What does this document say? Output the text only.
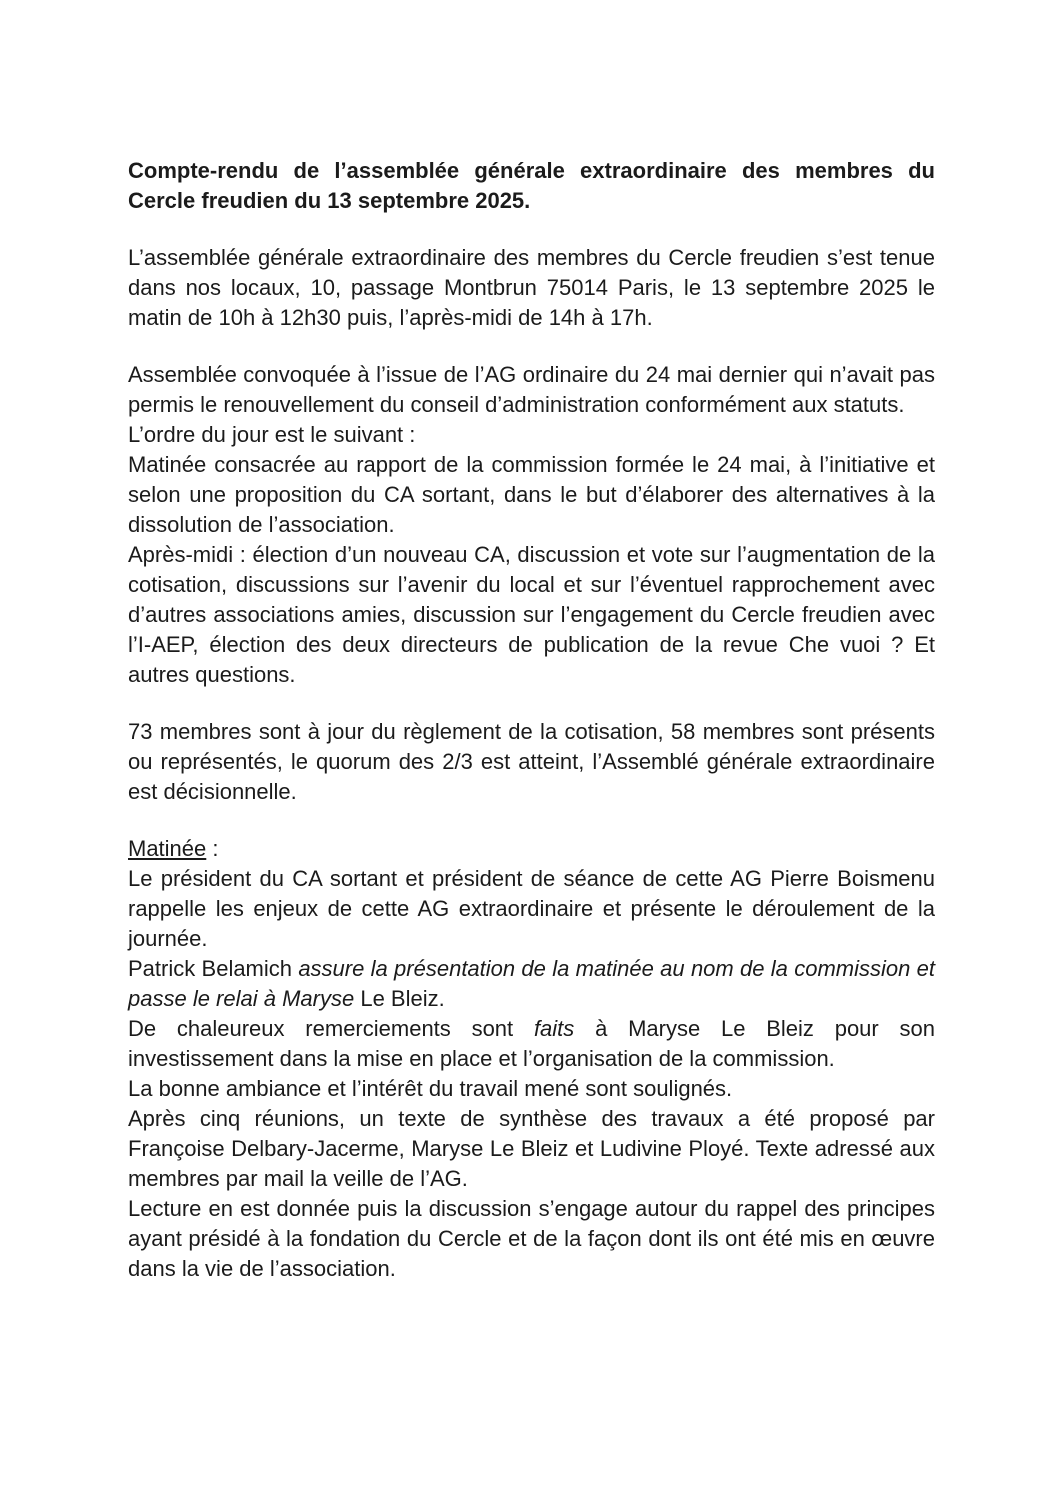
Compte-rendu de l’assemblée générale extraordinaire des membres du Cercle freudien du 13 septembre 2025.

L’assemblée générale extraordinaire des membres du Cercle freudien s’est tenue dans nos locaux, 10, passage Montbrun 75014 Paris, le 13 septembre 2025 le matin de 10h à 12h30 puis, l’après-midi de 14h à 17h.

Assemblée convoquée à l’issue de l’AG ordinaire du 24 mai dernier qui n’avait pas permis le renouvellement du conseil d’administration conformément aux statuts.

L’ordre du jour est le suivant :

Matinée consacrée au rapport de la commission formée le 24 mai, à l’initiative et selon une proposition du CA sortant, dans le but d’élaborer des alternatives à la dissolution de l’association.

Après-midi : élection d’un nouveau CA, discussion et vote sur l’augmentation de la cotisation, discussions sur l’avenir du local et sur l’éventuel rapprochement avec d’autres associations amies, discussion sur l’engagement du Cercle freudien avec l’I-AEP, élection des deux directeurs de publication de la revue Che vuoi ? Et autres questions.

73 membres sont à jour du règlement de la cotisation, 58 membres sont présents ou représentés, le quorum des 2/3 est atteint, l’Assemblé générale extraordinaire est décisionnelle.

Matinée :

Le président du CA sortant et président de séance de cette AG Pierre Boismenu rappelle les enjeux de cette AG extraordinaire et présente le déroulement de la journée.

Patrick Belamich assure la présentation de la matinée au nom de la commission et passe le relai à Maryse Le Bleiz.

De chaleureux remerciements sont faits à Maryse Le Bleiz pour son investissement dans la mise en place et l’organisation de la commission.

La bonne ambiance et l’intérêt du travail mené sont soulignés.

Après cinq réunions, un texte de synthèse des travaux a été proposé par Françoise Delbary-Jacerme, Maryse Le Bleiz et Ludivine Ployé. Texte adressé aux membres par mail la veille de l’AG.

Lecture en est donnée puis la discussion s’engage autour du rappel des principes ayant présidé à la fondation du Cercle et de la façon dont ils ont été mis en œuvre dans la vie de l’association.
